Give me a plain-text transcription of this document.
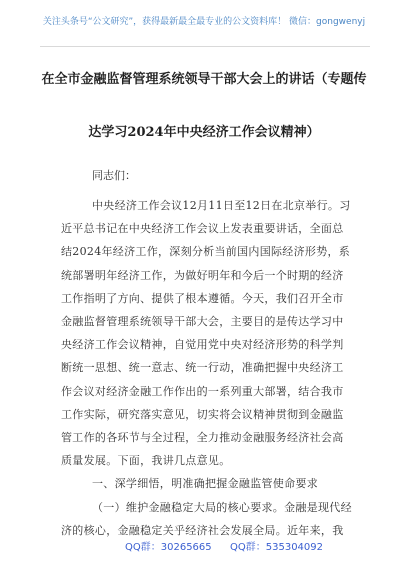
关注头条号“公文研究”，获得最新最全最专业的公文资料库！ 微信：gongwenyj
在全市金融监督管理系统领导干部大会上的讲话（专题传
达学习2024年中央经济工作会议精神）
同志们：
中央经济工作会议12月11日至12日在北京举行。习
近平总书记在中央经济工作会议上发表重要讲话，全面总
结2024年经济工作，深刻分析当前国内国际经济形势，系
统部署明年经济工作，为做好明年和今后一个时期的经济
工作指明了方向、提供了根本遵循。今天，我们召开全市
金融监督管理系统领导干部大会，主要目的是传达学习中
央经济工作会议精神，自觉用党中央对经济形势的科学判
断统一思想、统一意志、统一行动，准确把握中央经济工
作会议对经济金融工作作出的一系列重大部署，结合我市
工作实际，研究落实意见，切实将会议精神贯彻到金融监
管工作的各环节与全过程，全力推动金融服务经济社会高
质量发展。下面，我讲几点意见。
一、深学细悟，明准确把握金融监管使命要求
（一）维护金融稳定大局的核心要求。金融是现代经
济的核心，金融稳定关乎经济社会发展全局。近年来，我
QQ群：30265665 QQ群：535304092
